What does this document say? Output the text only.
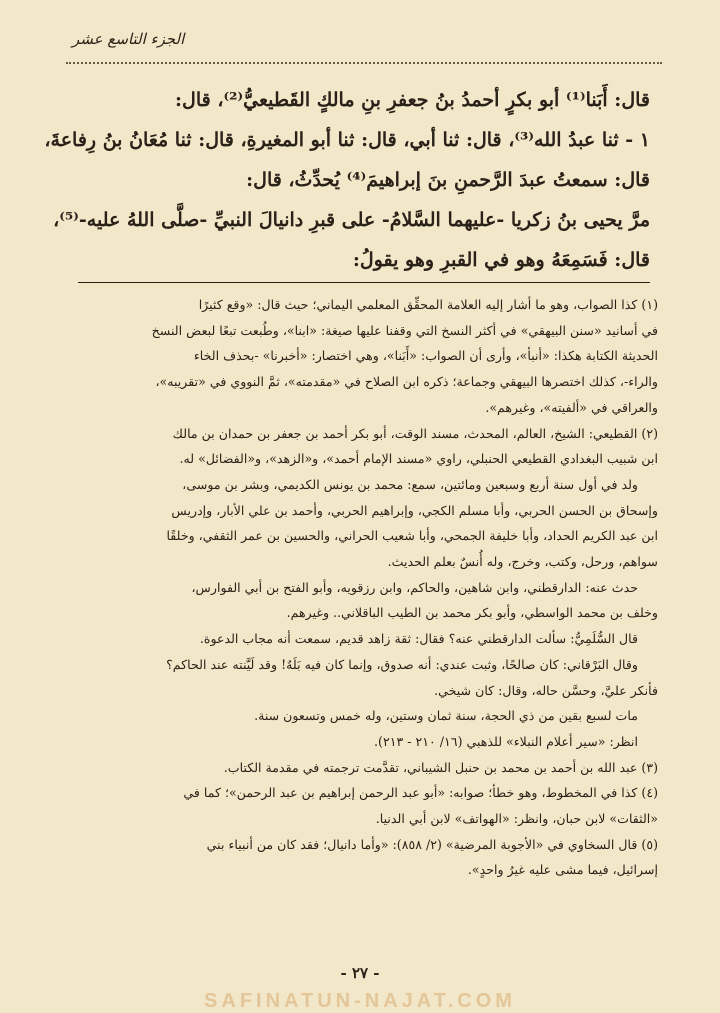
الجزء التاسع عشر

قال: أَبَنا⁽¹⁾ أبو بكرٍ أحمدُ بنُ جعفرِ بنِ مالكٍ القَطيعيُّ⁽²⁾، قال:

١ - ثنا عبدُ الله⁽³⁾، قال: ثنا أبي، قال: ثنا أبو المغيرةِ، قال: ثنا مُعَانُ بنُ رِفاعةَ،

قال: سمعتُ عبدَ الرَّحمنِ بنَ إبراهيمَ⁽⁴⁾ يُحدِّثُ، قال:

مرَّ يحيى بنُ زكريا -عليهما السَّلامُ- على قبرِ دانيالَ النبيِّ -صلَّى اللهُ عليه-⁽⁵⁾،

قال: فَسَمِعَهُ وهو في القبرِ وهو يقولُ:

(١) كذا الصواب، وهو ما أشار إليه العلامة المحقِّق المعلمي اليماني؛ حيث قال: «وقع كثيرًا

في أسانيد «سنن البيهقي» في أكثر النسخ التي وقفنا عليها صيغة: «ابنا»، وطُبعت تبعًا لبعض النسخ

الحديثة الكتابة هكذا: «أنبأ»، وأرى أن الصواب: «أَبَنا»، وهي اختصار: «أخبرنا» -بحذف الخاء

والراء-، كذلك اختصرها البيهقي وجماعة؛ ذكره ابن الصلاح في «مقدمته»، ثمَّ النووي في «تقريبه»،

والعراقي في «ألفيته»، وغيرهم».

(٢) القطيعي: الشيخ، العالم، المحدث، مسند الوقت، أبو بكر أحمد بن جعفر بن حمدان بن مالك

ابن شبيب البغدادي القطيعي الحنبلي، راوي «مسند الإمام أحمد»، و«الزهد»، و«الفضائل» له.

ولد في أول سنة أربع وسبعين ومائتين، سمع: محمد بن يونس الكديمي، وبشر بن موسى،

وإسحاق بن الحسن الحربي، وأبا مسلم الكجي، وإبراهيم الحربي، وأحمد بن علي الأبار، وإدريس

ابن عبد الكريم الحداد، وأبا خليفة الجمحي، وأبا شعيب الحراني، والحسين بن عمر الثقفي، وخلقًا

سواهم، ورحل، وكتب، وخرج، وله أُنسٌ بعلم الحديث.

حدث عنه: الدارقطني، وابن شاهين، والحاكم، وابن رزقويه، وأبو الفتح بن أبي الفوارس،

وخلف بن محمد الواسطي، وأبو بكر محمد بن الطيب الباقلاني.. وغيرهم.

قال السُّلَمِيُّ: سألت الدارقطني عنه؟ فقال: ثقة زاهد قديم، سمعت أنه مجاب الدعوة.

وقال البَرْقاني: كان صالحًا، وثبت عندي: أنه صدوق، وإنما كان فيه بَلَهٌ! وقد لَيَّنته عند الحاكم؟

فأنكر عليَّ، وحسَّن حاله، وقال: كان شيخي.

مات لسبع بقين من ذي الحجة، سنة ثمان وستين، وله خمس وتسعون سنة.

انظر: «سير أعلام النبلاء» للذهبي (١٦/ ٢١٠ - ٢١٣).

(٣) عبد الله بن أحمد بن محمد بن حنبل الشيباني، تقدَّمت ترجمته في مقدمة الكتاب.

(٤) كذا في المخطوط، وهو خطأ؛ صوابه: «أبو عبد الرحمن إبراهيم بن عبد الرحمن»؛ كما في

«الثقات» لابن حبان، وانظر: «الهواتف» لابن أبي الدنيا.

(٥) قال السخاوي في «الأجوبة المرضية» (٢/ ٨٥٨): «وأما دانيال؛ فقد كان من أنبياء بني

إسرائيل، فيما مشى عليه غيرُ واحدٍ».

- ٢٧ -
SAFINATUN-NAJAT.COM
